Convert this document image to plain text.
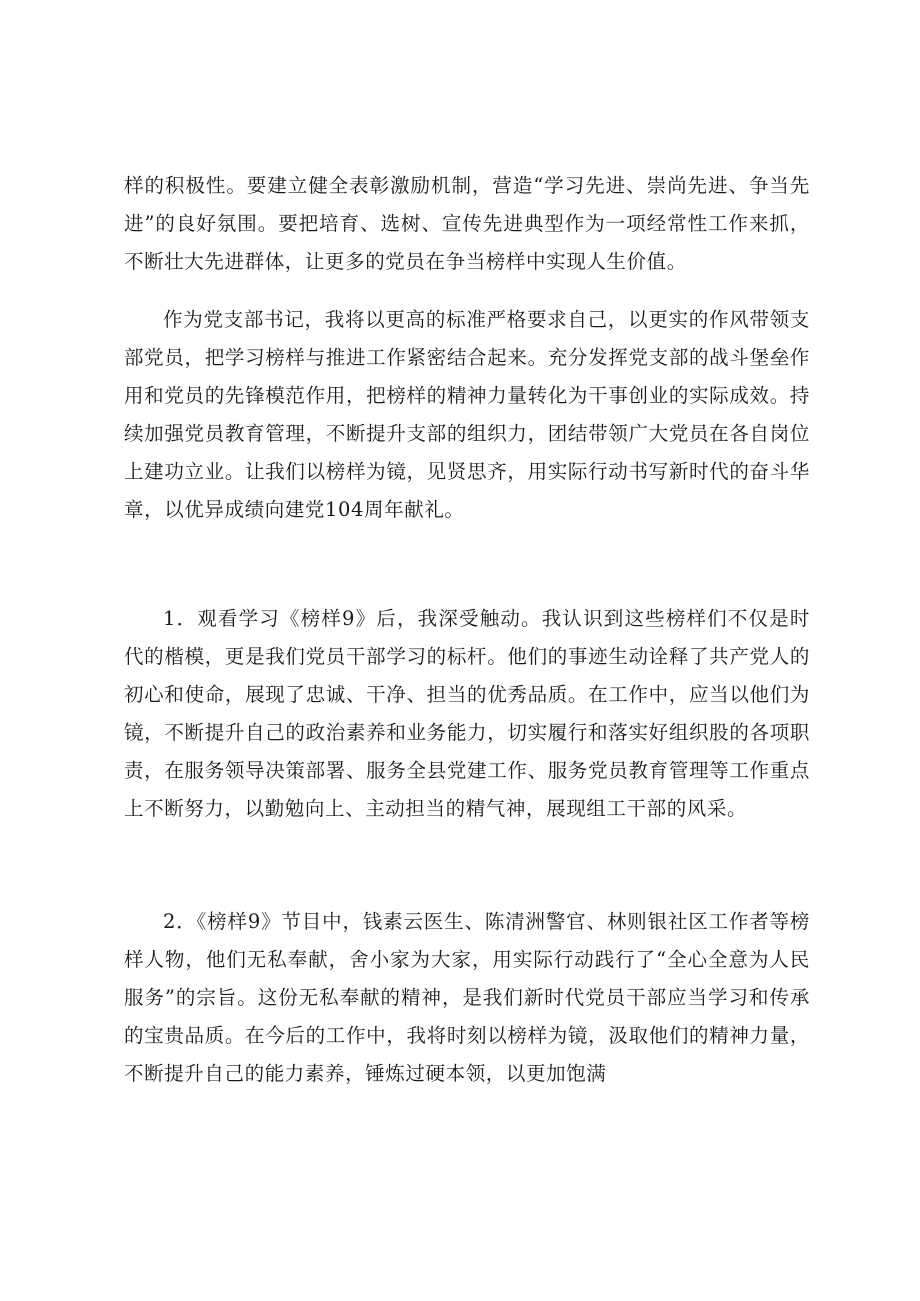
样的积极性。要建立健全表彰激励机制，营造“学习先进、崇尚先进、争当先进”的良好氛围。要把培育、选树、宣传先进典型作为一项经常性工作来抓，不断壮大先进群体，让更多的党员在争当榜样中实现人生价值。

作为党支部书记，我将以更高的标准严格要求自己，以更实的作风带领支部党员，把学习榜样与推进工作紧密结合起来。充分发挥党支部的战斗堡垒作用和党员的先锋模范作用，把榜样的精神力量转化为干事创业的实际成效。持续加强党员教育管理，不断提升支部的组织力，团结带领广大党员在各自岗位上建功立业。让我们以榜样为镜，见贤思齐，用实际行动书写新时代的奋斗华章，以优异成绩向建党104周年献礼。

1．观看学习《榜样9》后，我深受触动。我认识到这些榜样们不仅是时代的楷模，更是我们党员干部学习的标杆。他们的事迹生动诠释了共产党人的初心和使命，展现了忠诚、干净、担当的优秀品质。在工作中，应当以他们为镜，不断提升自己的政治素养和业务能力，切实履行和落实好组织股的各项职责，在服务领导决策部署、服务全县党建工作、服务党员教育管理等工作重点上不断努力，以勤勉向上、主动担当的精气神，展现组工干部的风采。

2．《榜样9》节目中，钱素云医生、陈清洲警官、林则银社区工作者等榜样人物，他们无私奉献，舍小家为大家，用实际行动践行了“全心全意为人民服务”的宗旨。这份无私奉献的精神，是我们新时代党员干部应当学习和传承的宝贵品质。在今后的工作中，我将时刻以榜样为镜，汲取他们的精神力量，不断提升自己的能力素养，锤炼过硬本领，以更加饱满
